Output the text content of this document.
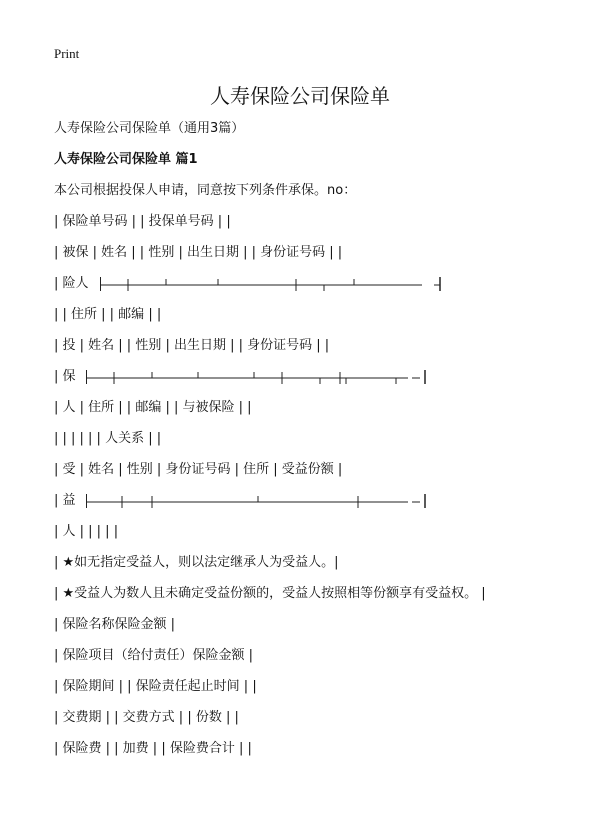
Print
人寿保险公司保险单
人寿保险公司保险单（通用3篇）
人寿保险公司保险单 篇1
本公司根据投保人申请，同意按下列条件承保。no：
| 保险单号码 | | 投保单号码 | |
| 被保 | 姓名 | | 性别 | 出生日期 | | 身份证号码 | |
| 险人
| | 住所 | | 邮编 | |
| 投 | 姓名 | | 性别 | 出生日期 | | 身份证号码 | |
| 保
| 人 | 住所 | | 邮编 | | 与被保险 | |
| | | | | | 人关系 | |
| 受 | 姓名 | 性别 | 身份证号码 | 住所 | 受益份额 |
| 益
| 人 | | | | |
| ★如无指定受益人，则以法定继承人为受益人。|
| ★受益人为数人且未确定受益份额的，受益人按照相等份额享有受益权。 |
| 保险名称保险金额 |
| 保险项目（给付责任）保险金额 |
| 保险期间 | | 保险责任起止时间 | |
| 交费期 | | 交费方式 | | 份数 | |
| 保险费 | | 加费 | | 保险费合计 | |
